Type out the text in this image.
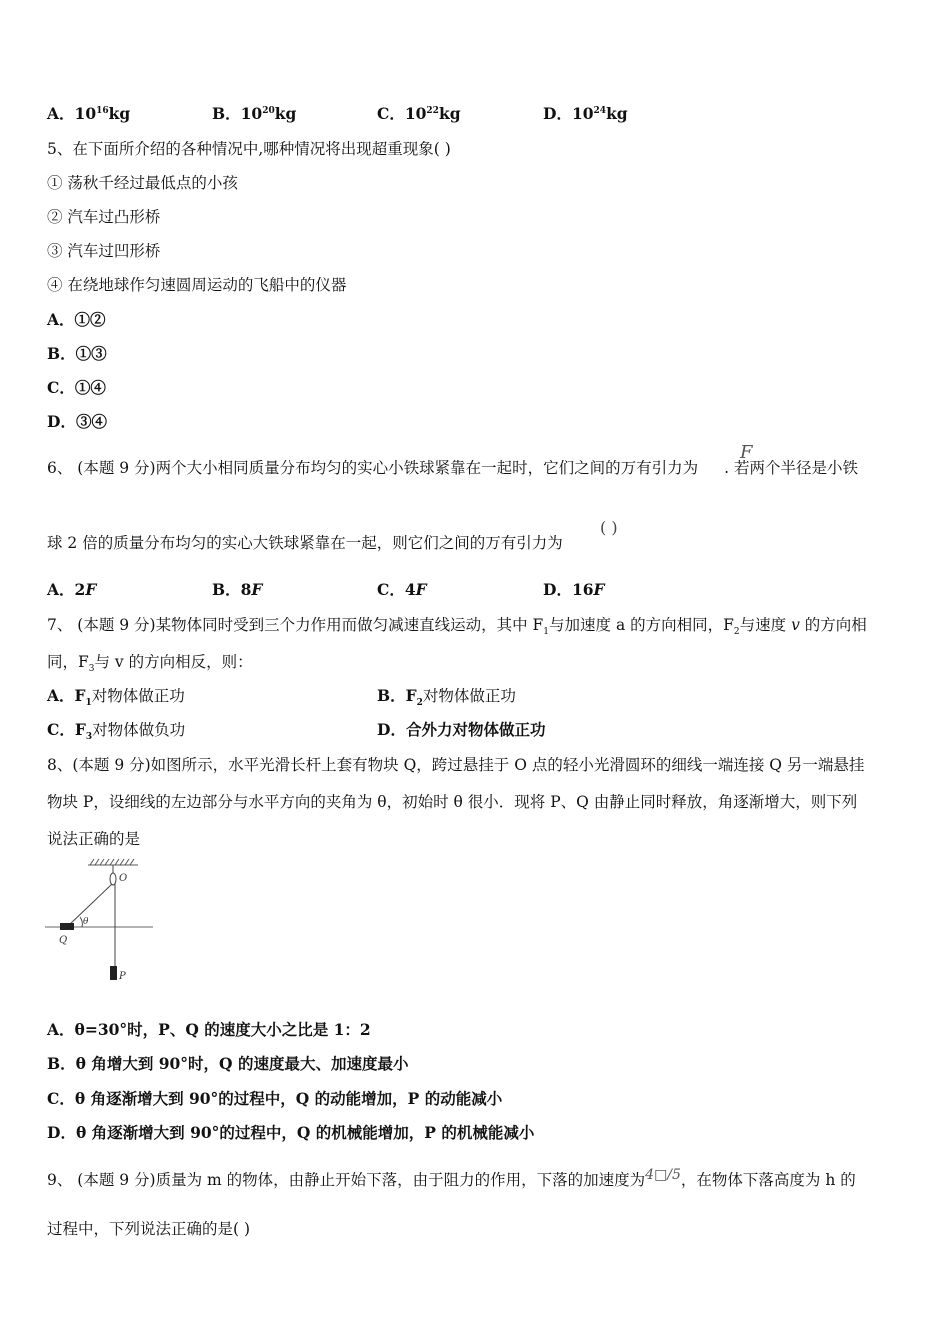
A．$10^{16}kg$	B．$10^{20}kg$	C．$10^{22}kg$	D．$10^{24}kg$
5、在下面所介绍的各种情况中,哪种情况将出现超重现象( )
① 荡秋千经过最低点的小孩
② 汽车过凸形桥
③ 汽车过凹形桥
④ 在绕地球作匀速圆周运动的飞船中的仪器
A．①②
B．①③
C．①④
D．③④
6、 (本题 9 分)两个大小相同质量分布均匀的实心小铁球紧靠在一起时，它们之间的万有引力为 . 若两个半径是小铁
F
球 2 倍的质量分布均匀的实心大铁球紧靠在一起，则它们之间的万有引力为
( )
A．2F	B．8F	C．4F	D．16F
7、 (本题 9 分)某物体同时受到三个力作用而做匀减速直线运动，其中 $F_1$与加速度 a 的方向相同，$F_2$与速度 v 的方向相
同，$F_3$与 v 的方向相反，则：
A．$F_1$对物体做正功	B．$F_2$对物体做正功
C．$F_3$对物体做负功	D．合外力对物体做正功
8、(本题 9 分)如图所示，水平光滑长杆上套有物块 Q，跨过悬挂于 O 点的轻小光滑圆环的细线一端连接 Q 另一端悬挂
物块 P，设细线的左边部分与水平方向的夹角为 θ，初始时 θ 很小．现将 P、Q 由静止同时释放，角逐渐增大，则下列
说法正确的是
O
θ
Q
P
A．θ=30°时，P、Q 的速度大小之比是 1：2
B．θ 角增大到 90°时，Q 的速度最大、加速度最小
C．θ 角逐渐增大到 90°的过程中，Q 的动能增加，P 的动能减小
D．θ 角逐渐增大到 90°的过程中，Q 的机械能增加，P 的机械能减小
9、 (本题 9 分)质量为 m 的物体，由静止开始下落，由于阻力的作用，下落的加速度为4□/5，在物体下落高度为 h 的
过程中，下列说法正确的是( )
